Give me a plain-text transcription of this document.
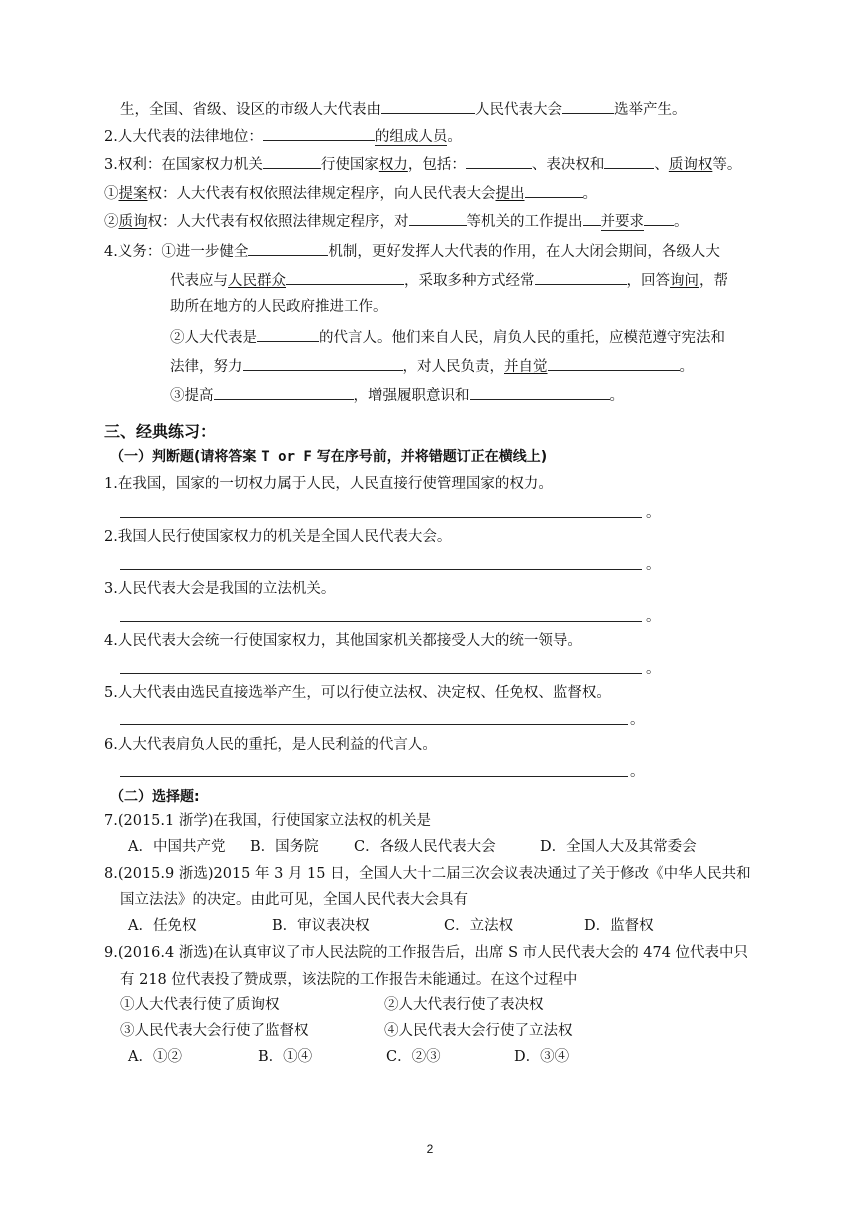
生，全国、省级、设区的市级人大代表由	人民代表大会	选举产生。
2.人大代表的法律地位：	的组成人员。
3.权利：在国家权力机关	行使国家权力，包括：	、表决权和	、质询权等。
①提案权：人大代表有权依照法律规定程序，向人民代表大会提出	。
②质询权：人大代表有权依照法律规定程序，对	等机关的工作提出 并要求 。
4.义务：①进一步健全	机制，更好发挥人大代表的作用，在人大闭会期间，各级人大
代表应与人民群众	，采取多种方式经常	，回答询问，帮
助所在地方的人民政府推进工作。
②人大代表是	的代言人。他们来自人民，肩负人民的重托，应模范遵守宪法和
法律，努力	，对人民负责，并自觉	。
③提高	，增强履职意识和	。
三、经典练习：
（一）判断题(请将答案 T or F 写在序号前，并将错题订正在横线上)
1.在我国，国家的一切权力属于人民，人民直接行使管理国家的权力。
。
2.我国人民行使国家权力的机关是全国人民代表大会。
。
3.人民代表大会是我国的立法机关。
。
4.人民代表大会统一行使国家权力，其他国家机关都接受人大的统一领导。
。
5.人大代表由选民直接选举产生，可以行使立法权、决定权、任免权、监督权。
。
6.人大代表肩负人民的重托，是人民利益的代言人。
。
（二）选择题:
7.(2015.1 浙学)在我国，行使国家立法权的机关是
A．中国共产党 B．国务院 C．各级人民代表大会	D．全国人大及其常委会
8.(2015.9 浙选)2015 年 3 月 15 日，全国人大十二届三次会议表决通过了关于修改《中华人民共和
国立法法》的决定。由此可见，全国人民代表大会具有
A．任免权	B．审议表决权	C．立法权	D．监督权
9.(2016.4 浙选)在认真审议了市人民法院的工作报告后，出席 S 市人民代表大会的 474 位代表中只
有 218 位代表投了赞成票，该法院的工作报告未能通过。在这个过程中
①人大代表行使了质询权	②人大代表行使了表决权
③人民代表大会行使了监督权	④人民代表大会行使了立法权
A．①②	B．①④	C．②③	D．③④
2
